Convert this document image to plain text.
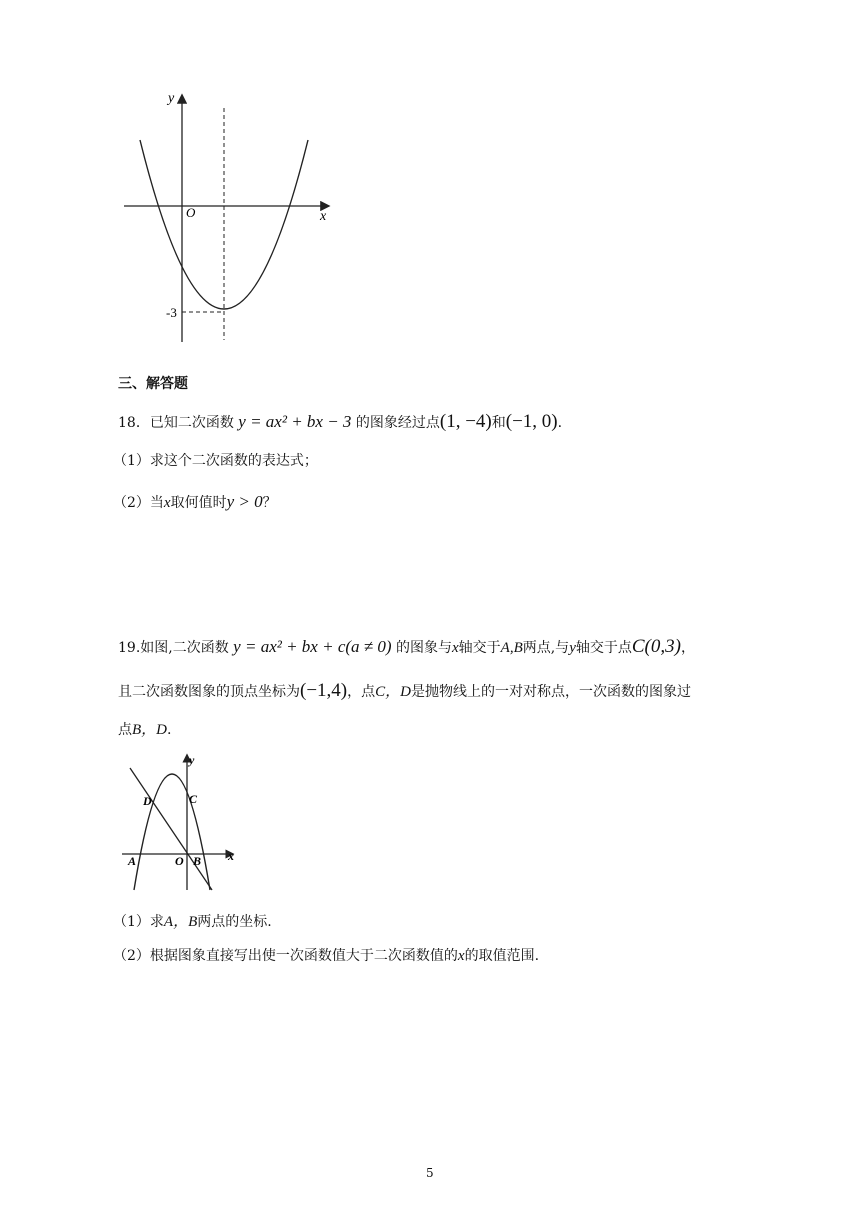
y
x
O
-3
三、解答题
18．已知二次函数 y = ax² + bx − 3 的图象经过点(1, −4)和(−1, 0).
（1）求这个二次函数的表达式；
（2）当x取何值时y > 0？
19.如图,二次函数 y = ax² + bx + c(a ≠ 0) 的图象与x轴交于A,B两点,与y轴交于点C(0,3)，
且二次函数图象的顶点坐标为(−1,4)，点C，D是抛物线上的一对对称点，一次函数的图象过
点B，D.
y
x
D	C
A	O B
（1）求A，B两点的坐标.
（2）根据图象直接写出使一次函数值大于二次函数值的x的取值范围.
5
